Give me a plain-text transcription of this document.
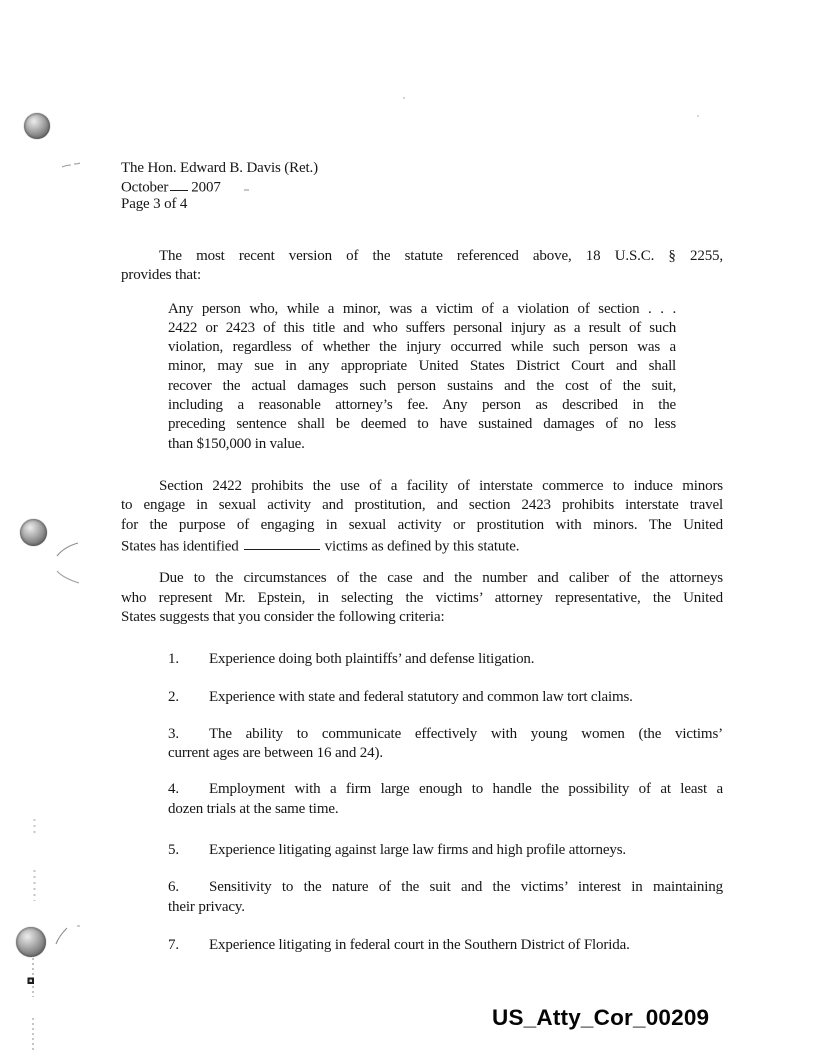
The Hon. Edward B. Davis (Ret.)
October 2007
Page 3 of 4
The most recent version of the statute referenced above, 18 U.S.C. § 2255,
provides that:
Any person who, while a minor, was a victim of a violation of section . . .
2422 or 2423 of this title and who suffers personal injury as a result of such
violation, regardless of whether the injury occurred while such person was a
minor, may sue in any appropriate United States District Court and shall
recover the actual damages such person sustains and the cost of the suit,
including a reasonable attorney’s fee. Any person as described in the
preceding sentence shall be deemed to have sustained damages of no less
than $150,000 in value.
Section 2422 prohibits the use of a facility of interstate commerce to induce minors
to engage in sexual activity and prostitution, and section 2423 prohibits interstate travel
for the purpose of engaging in sexual activity or prostitution with minors. The United
States has identified	victims as defined by this statute.
Due to the circumstances of the case and the number and caliber of the attorneys
who represent Mr. Epstein, in selecting the victims’ attorney representative, the United
States suggests that you consider the following criteria:
1. Experience doing both plaintiffs’ and defense litigation.
2. Experience with state and federal statutory and common law tort claims.
3. The ability to communicate effectively with young women (the victims’
current ages are between 16 and 24).
4. Employment with a firm large enough to handle the possibility of at least a
dozen trials at the same time.
5. Experience litigating against large law firms and high profile attorneys.
6. Sensitivity to the nature of the suit and the victims’ interest in maintaining
their privacy.
7. Experience litigating in federal court in the Southern District of Florida.
US_Atty_Cor_00209
